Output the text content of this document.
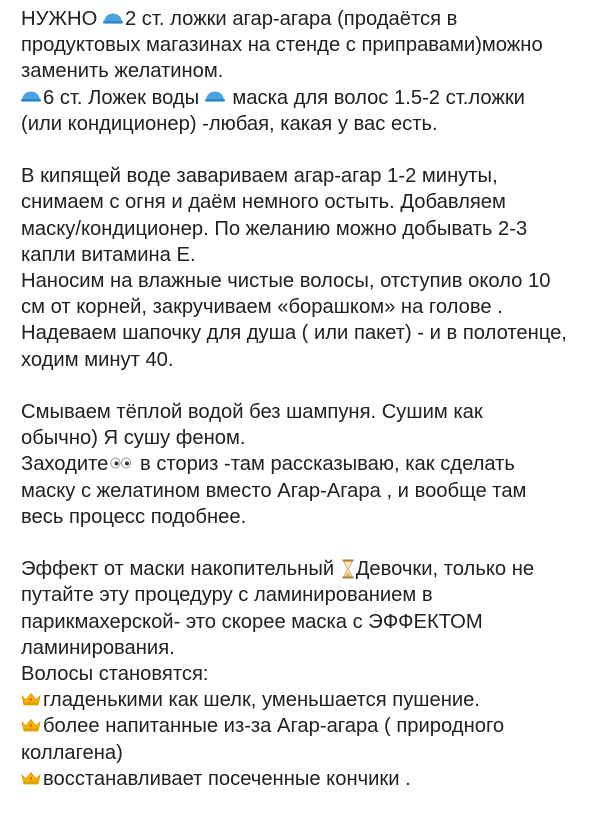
НУЖНО 2 ст. ложки агар-агара (продаётся в
продуктовых магазинах на стенде с приправами)можно
заменить желатином.
6 ст. Ложек воды  маска для волос 1.5-2 ст.ложки
(или кондиционер) -любая, какая у вас есть.

В кипящей воде завариваем агар-агар 1-2 минуты,
снимаем с огня и даём немного остыть. Добавляем
маску/кондиционер. По желанию можно добывать 2-3
капли витамина Е.
Наносим на влажные чистые волосы, отступив около 10
см от корней, закручиваем «борашком» на голове .
Надеваем шапочку для душа ( или пакет) - и в полотенце,
ходим минут 40.

Смываем тёплой водой без шампуня. Сушим как
обычно) Я сушу феном.
Заходите в сториз -там рассказываю, как сделать
маску с желатином вместо Агар-Агара , и вообще там
весь процесс подобнее.

Эффект от маски накопительный Девочки, только не
путайте эту процедуру с ламинированием в
парикмахерской- это скорее маска с ЭФФЕКТОМ
ламинирования.
Волосы становятся:
гладенькими как шелк, уменьшается пушение.
более напитанные из-за Агар-агара ( природного
коллагена)
восстанавливает посеченные кончики .
